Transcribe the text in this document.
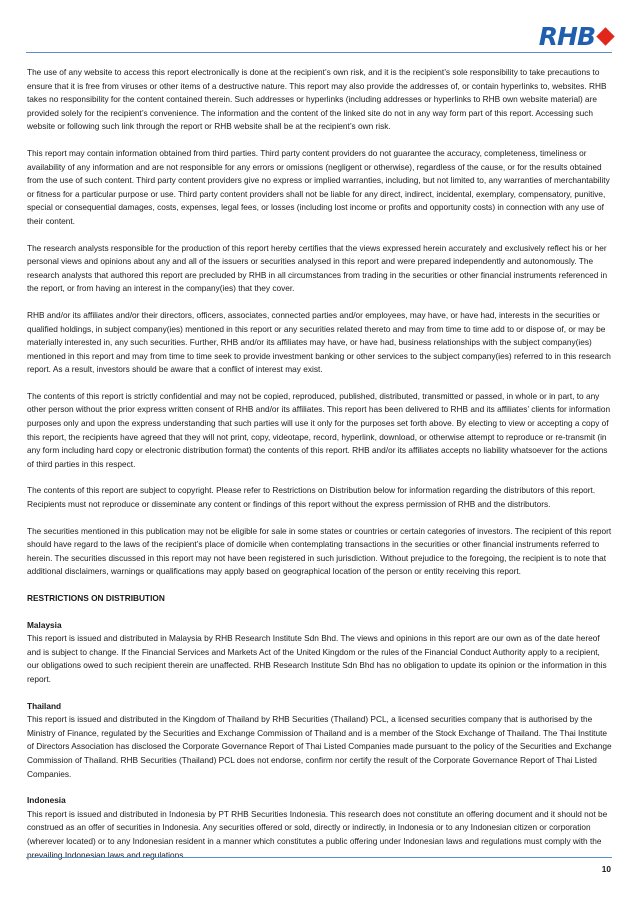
RHB

The use of any website to access this report electronically is done at the recipient’s own risk, and it is the recipient’s sole responsibility to take precautions to ensure that it is free from viruses or other items of a destructive nature. This report may also provide the addresses of, or contain hyperlinks to, websites. RHB takes no responsibility for the content contained therein. Such addresses or hyperlinks (including addresses or hyperlinks to RHB own website material) are provided solely for the recipient’s convenience. The information and the content of the linked site do not in any way form part of this report. Accessing such website or following such link through the report or RHB website shall be at the recipient’s own risk.

This report may contain information obtained from third parties. Third party content providers do not guarantee the accuracy, completeness, timeliness or availability of any information and are not responsible for any errors or omissions (negligent or otherwise), regardless of the cause, or for the results obtained from the use of such content. Third party content providers give no express or implied warranties, including, but not limited to, any warranties of merchantability or fitness for a particular purpose or use. Third party content providers shall not be liable for any direct, indirect, incidental, exemplary, compensatory, punitive, special or consequential damages, costs, expenses, legal fees, or losses (including lost income or profits and opportunity costs) in connection with any use of their content.

The research analysts responsible for the production of this report hereby certifies that the views expressed herein accurately and exclusively reflect his or her personal views and opinions about any and all of the issuers or securities analysed in this report and were prepared independently and autonomously. The research analysts that authored this report are precluded by RHB in all circumstances from trading in the securities or other financial instruments referenced in the report, or from having an interest in the company(ies) that they cover.

RHB and/or its affiliates and/or their directors, officers, associates, connected parties and/or employees, may have, or have had, interests in the securities or qualified holdings, in subject company(ies) mentioned in this report or any securities related thereto and may from time to time add to or dispose of, or may be materially interested in, any such securities. Further, RHB and/or its affiliates may have, or have had, business relationships with the subject company(ies) mentioned in this report and may from time to time seek to provide investment banking or other services to the subject company(ies) referred to in this research report. As a result, investors should be aware that a conflict of interest may exist.

The contents of this report is strictly confidential and may not be copied, reproduced, published, distributed, transmitted or passed, in whole or in part, to any other person without the prior express written consent of RHB and/or its affiliates. This report has been delivered to RHB and its affiliates’ clients for information purposes only and upon the express understanding that such parties will use it only for the purposes set forth above. By electing to view or accepting a copy of this report, the recipients have agreed that they will not print, copy, videotape, record, hyperlink, download, or otherwise attempt to reproduce or re-transmit (in any form including hard copy or electronic distribution format) the contents of this report. RHB and/or its affiliates accepts no liability whatsoever for the actions of third parties in this respect.

The contents of this report are subject to copyright. Please refer to Restrictions on Distribution below for information regarding the distributors of this report. Recipients must not reproduce or disseminate any content or findings of this report without the express permission of RHB and the distributors.

The securities mentioned in this publication may not be eligible for sale in some states or countries or certain categories of investors. The recipient of this report should have regard to the laws of the recipient’s place of domicile when contemplating transactions in the securities or other financial instruments referred to herein. The securities discussed in this report may not have been registered in such jurisdiction. Without prejudice to the foregoing, the recipient is to note that additional disclaimers, warnings or qualifications may apply based on geographical location of the person or entity receiving this report.

RESTRICTIONS ON DISTRIBUTION
Malaysia

This report is issued and distributed in Malaysia by RHB Research Institute Sdn Bhd. The views and opinions in this report are our own as of the date hereof and is subject to change. If the Financial Services and Markets Act of the United Kingdom or the rules of the Financial Conduct Authority apply to a recipient, our obligations owed to such recipient therein are unaffected. RHB Research Institute Sdn Bhd has no obligation to update its opinion or the information in this report.

Thailand

This report is issued and distributed in the Kingdom of Thailand by RHB Securities (Thailand) PCL, a licensed securities company that is authorised by the Ministry of Finance, regulated by the Securities and Exchange Commission of Thailand and is a member of the Stock Exchange of Thailand. The Thai Institute of Directors Association has disclosed the Corporate Governance Report of Thai Listed Companies made pursuant to the policy of the Securities and Exchange Commission of Thailand. RHB Securities (Thailand) PCL does not endorse, confirm nor certify the result of the Corporate Governance Report of Thai Listed Companies.

Indonesia

This report is issued and distributed in Indonesia by PT RHB Securities Indonesia. This research does not constitute an offering document and it should not be construed as an offer of securities in Indonesia. Any securities offered or sold, directly or indirectly, in Indonesia or to any Indonesian citizen or corporation (wherever located) or to any Indonesian resident in a manner which constitutes a public offering under Indonesian laws and regulations must comply with the prevailing Indonesian laws and regulations.

10
